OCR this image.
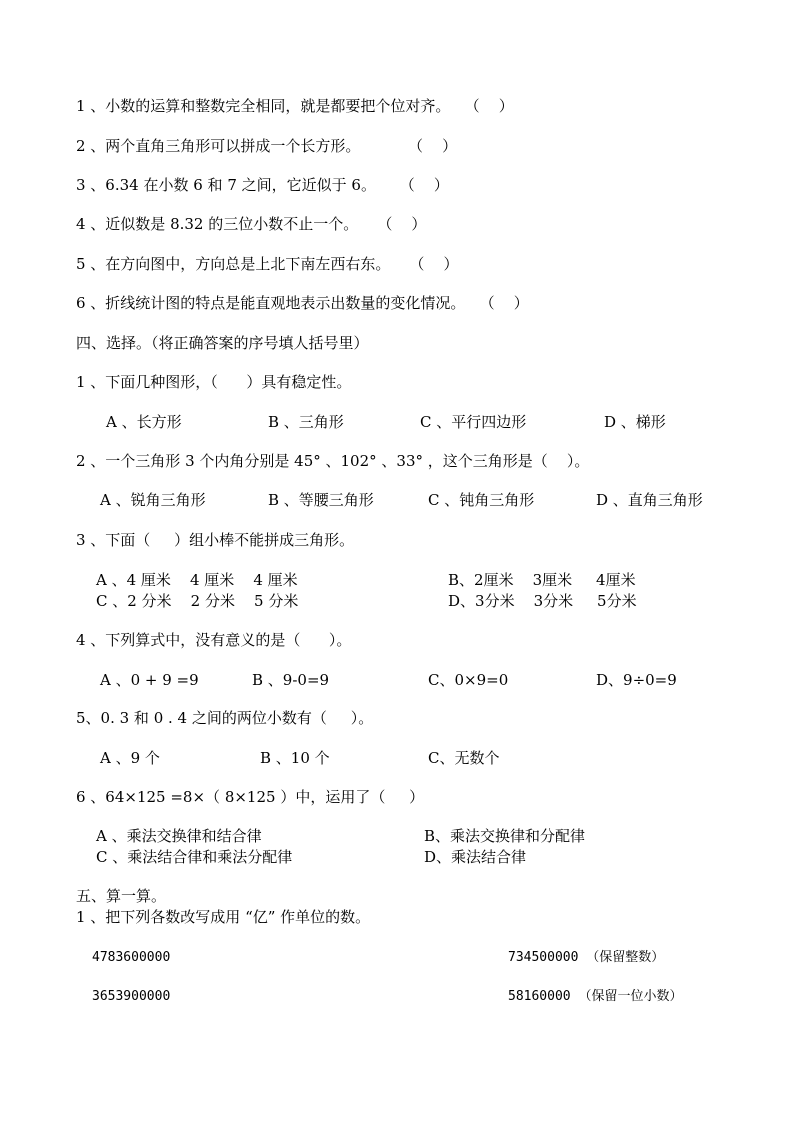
1 、小数的运算和整数完全相同，就是都要把个位对齐。   （    ）
2 、两个直角三角形可以拼成一个长方形。          （    ）
3 、6.34 在小数 6 和 7 之间，它近似于 6。     （    ）
4 、近似数是 8.32 的三位小数不止一个。    （    ）
5 、在方向图中，方向总是上北下南左西右东。    （    ）
6 、折线统计图的特点是能直观地表示出数量的变化情况。   （    ）
四、选择。（将正确答案的序号填人括号里）
1 、下面几种图形，（      ）具有稳定性。
A 、长方形	B 、三角形	C 、平行四边形	D 、梯形
2 、一个三角形 3 个内角分别是 45° 、102° 、33° ，这个三角形是（    ）。
A 、锐角三角形	B 、等腰三角形	C 、钝角三角形	D 、直角三角形
3 、下面（     ）组小棒不能拼成三角形。
A 、4 厘米    4 厘米    4 厘米	B、2厘米    3厘米     4厘米
C 、2 分米    2 分米    5 分米	D、3分米    3分米     5分米
4 、下列算式中，没有意义的是（      ）。
A 、0 + 9 =9	B 、9-0=9	C、0×9=0	D、9÷0=9
5、0. 3 和 0 . 4 之间的两位小数有（     ）。
A 、9 个	B 、10 个	C、无数个
6 、64×125 =8×（ 8×125 ）中，运用了（     ）
A 、乘法交换律和结合律	B、乘法交换律和分配律
C 、乘法结合律和乘法分配律	D、乘法结合律
五、算一算。
1 、把下列各数改写成用 “亿” 作单位的数。
4783600000	734500000 （保留整数）
3653900000	58160000 （保留一位小数）
